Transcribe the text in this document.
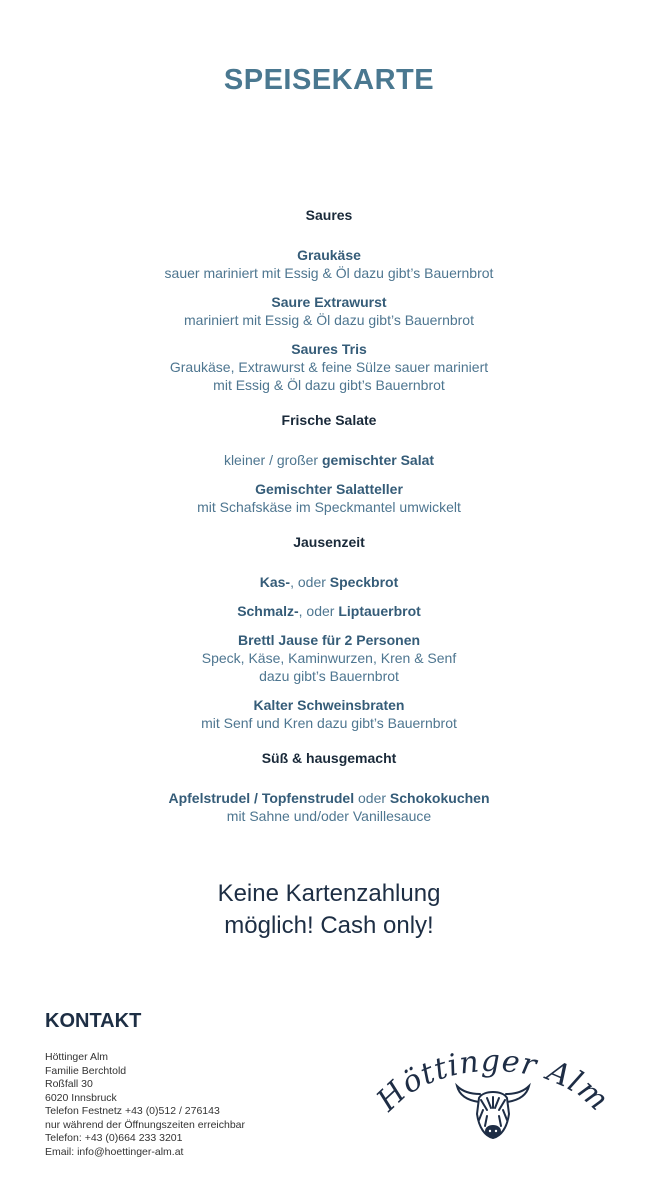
SPEISEKARTE
Saures
Graukäse
sauer mariniert mit Essig & Öl dazu gibt’s Bauernbrot
Saure Extrawurst
mariniert mit Essig & Öl dazu gibt’s Bauernbrot
Saures Tris
Graukäse, Extrawurst & feine Sülze sauer mariniert
mit Essig & Öl dazu gibt’s Bauernbrot
Frische Salate
kleiner / großer gemischter Salat
Gemischter Salatteller
mit Schafskäse im Speckmantel umwickelt
Jausenzeit
Kas-, oder Speckbrot
Schmalz-, oder Liptauerbrot
Brettl Jause für 2 Personen
Speck, Käse, Kaminwurzen, Kren & Senf
dazu gibt’s Bauernbrot
Kalter Schweinsbraten
mit Senf und Kren dazu gibt’s Bauernbrot
Süß & hausgemacht
Apfelstrudel / Topfenstrudel oder Schokokuchen
mit Sahne und/oder Vanillesauce
Keine Kartenzahlung
möglich! Cash only!
KONTAKT
Höttinger Alm
Familie Berchtold
Roßfall 30
6020 Innsbruck
Telefon Festnetz +43 (0)512 / 276143
nur während der Öffnungszeiten erreichbar
Telefon: +43 (0)664 233 3201
Email: info@hoettinger-alm.at
Höttinger Alm
